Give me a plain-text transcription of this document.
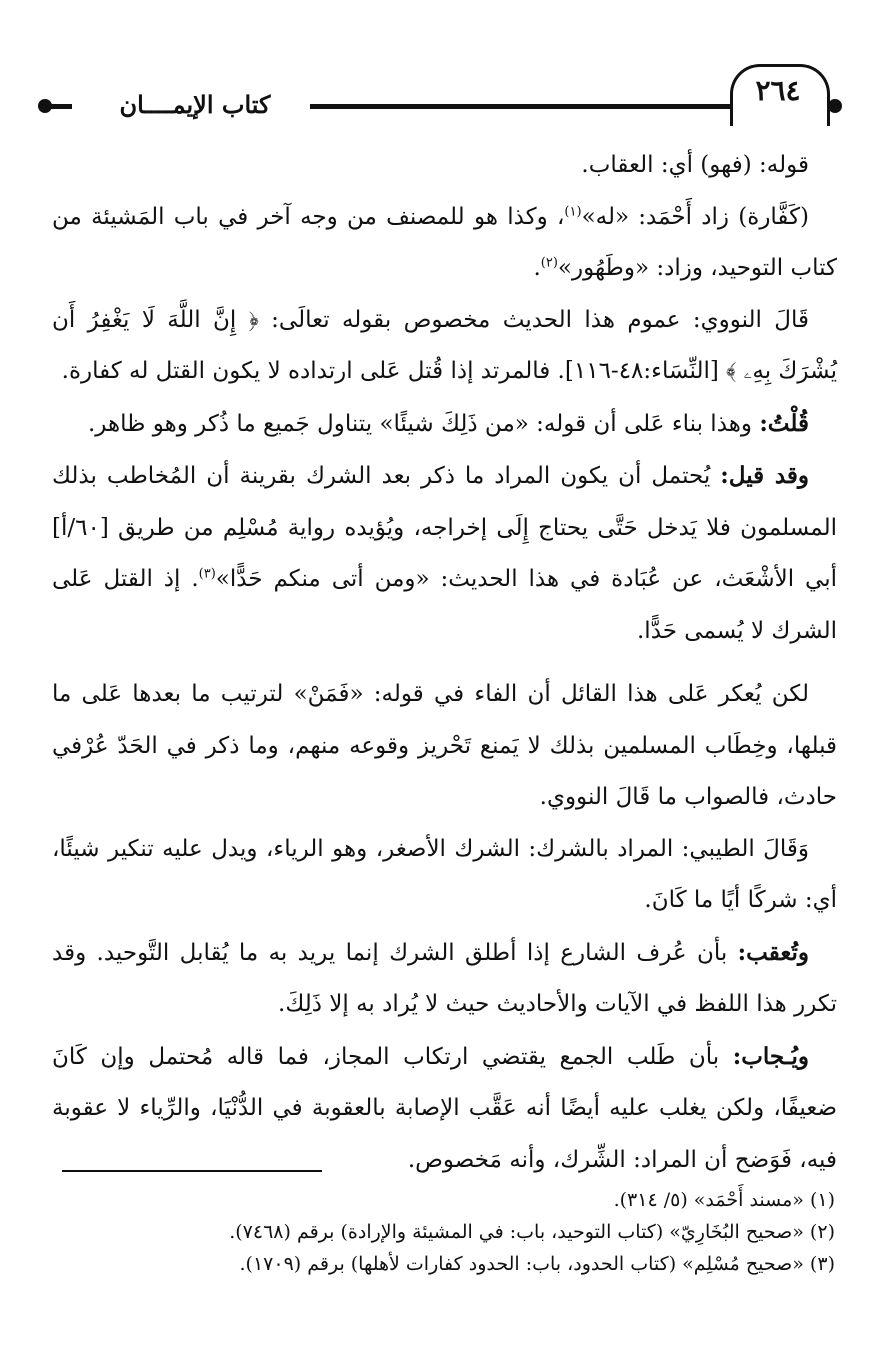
٢٦٤
كتاب الإيمــــان

قوله: (فهو) أي: العقاب.

(كَفَّارة) زاد أَحْمَد: «له»$^{(١)}$، وكذا هو للمصنف من وجه آخر في باب المَشيئة من كتاب التوحيد، وزاد: «وطَهُور»$^{(٢)}$.

قَالَ النووي: عموم هذا الحديث مخصوص بقوله تعالَى: ﴿ إِنَّ اللَّهَ لَا يَغْفِرُ أَن يُشْرَكَ بِهِۦ ﴾ [النِّسَاء:٤٨-١١٦]. فالمرتد إذا قُتل عَلى ارتداده لا يكون القتل له كفارة.

قُلْتُ: وهذا بناء عَلى أن قوله: «من ذَلِكَ شيئًا» يتناول جَميع ما ذُكر وهو ظاهر.

وقد قيل: يُحتمل أن يكون المراد ما ذكر بعد الشرك بقرينة أن المُخاطب بذلك المسلمون فلا يَدخل حَتَّى يحتاج إِلَى إخراجه، ويُؤيده رواية مُسْلِم من طريق [٦٠/أ] أبي الأشْعَث، عن عُبَادة في هذا الحديث: «ومن أتى منكم حَدًّا»$^{(٣)}$. إذ القتل عَلى الشرك لا يُسمى حَدًّا.

لكن يُعكر عَلى هذا القائل أن الفاء في قوله: «فَمَنْ» لترتيب ما بعدها عَلى ما قبلها، وخِطَاب المسلمين بذلك لا يَمنع تَحْريز وقوعه منهم، وما ذكر في الحَدّ عُرْفي حادث، فالصواب ما قَالَ النووي.

وَقَالَ الطيبي: المراد بالشرك: الشرك الأصغر، وهو الرياء، ويدل عليه تنكير شيئًا، أي: شركًا أيًا ما كَانَ.

وتُعقب: بأن عُرف الشارع إذا أطلق الشرك إنما يريد به ما يُقابل التَّوحيد. وقد تكرر هذا اللفظ في الآيات والأحاديث حيث لا يُراد به إلا ذَلِكَ.

ويُـجاب: بأن طَلب الجمع يقتضي ارتكاب المجاز، فما قاله مُحتمل وإن كَانَ ضعيفًا، ولكن يغلب عليه أيضًا أنه عَقَّب الإصابة بالعقوبة في الدُّنْيَا، والرِّياء لا عقوبة فيه، فَوَضح أن المراد: الشِّرك، وأنه مَخصوص.

(١) «مسند أَحْمَد» (٥/ ٣١٤).

(٢) «صحيح البُخَارِيّ» (كتاب التوحيد، باب: في المشيئة والإرادة) برقم (٧٤٦٨).

(٣) «صحيح مُسْلِم» (كتاب الحدود، باب: الحدود كفارات لأهلها) برقم (١٧٠٩).
